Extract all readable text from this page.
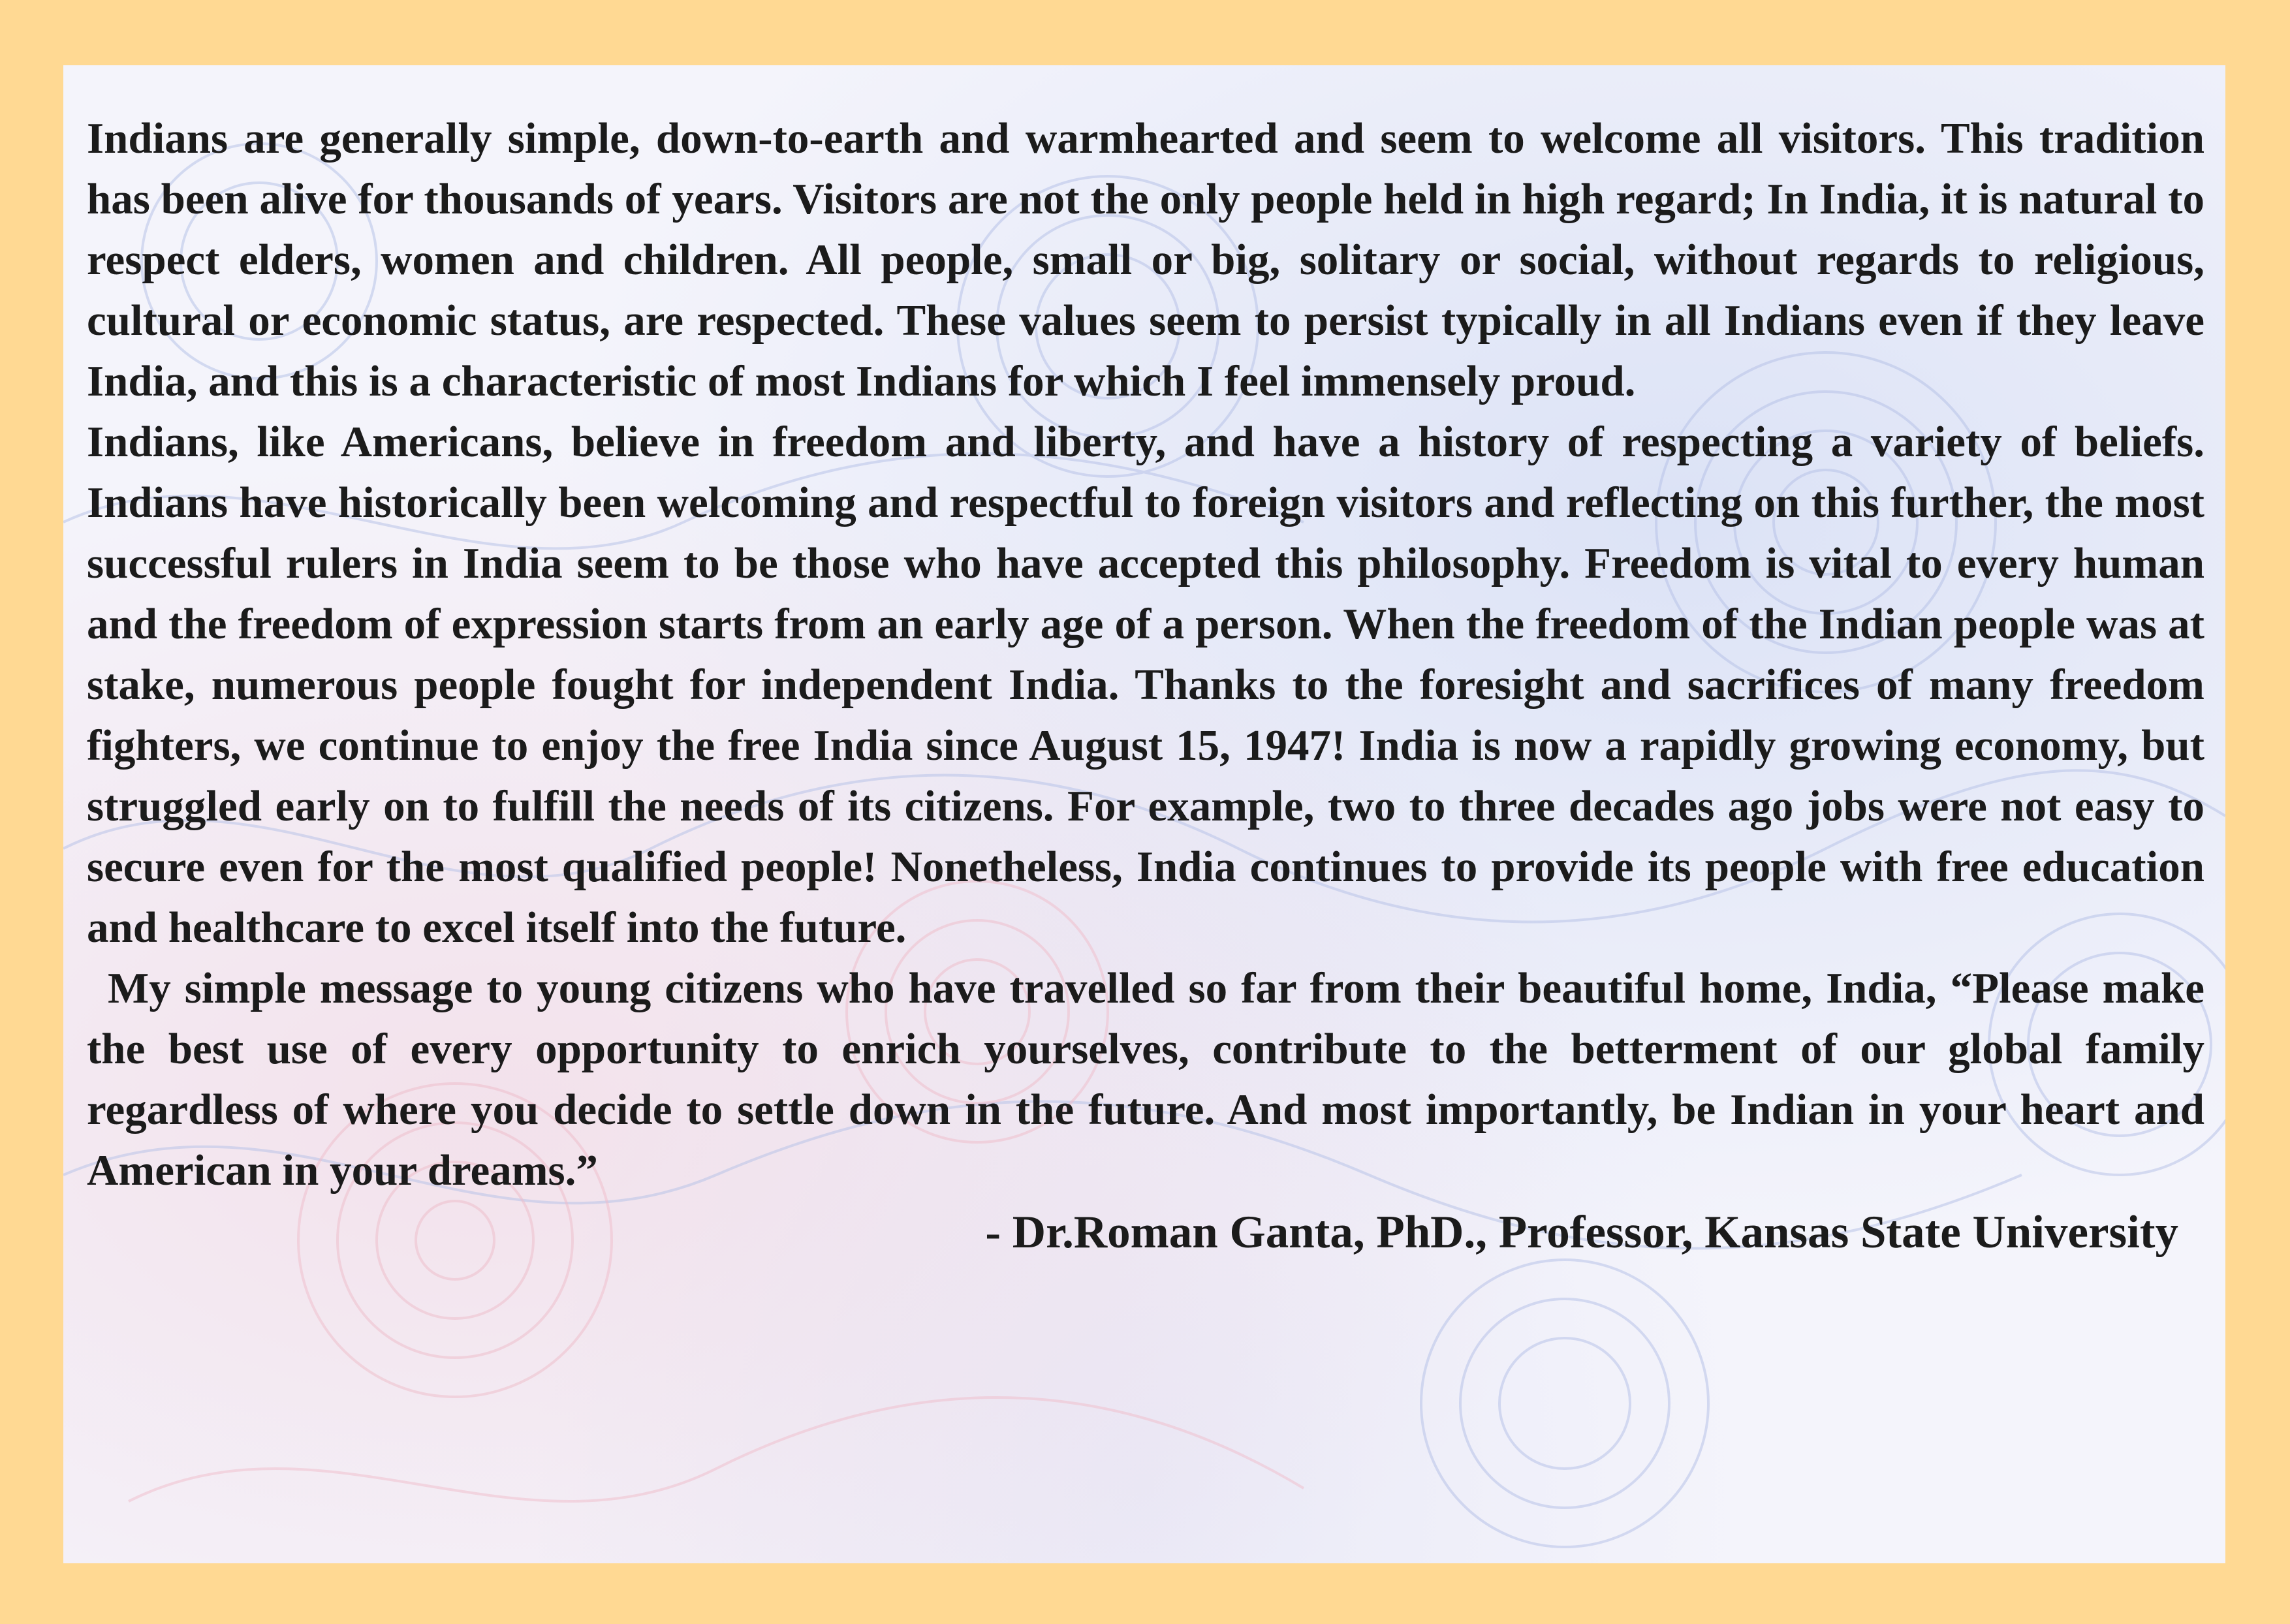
Indians are generally simple, down-to-earth and warmhearted and seem to welcome all visitors. This tradition has been alive for thousands of years. Visitors are not the only people held in high regard; In India, it is natural to respect elders, women and children. All people, small or big, solitary or social, without regards to religious, cultural or economic status, are respected. These values seem to persist typically in all Indians even if they leave India, and this is a characteristic of most Indians for which I feel immensely proud.

Indians, like Americans, believe in freedom and liberty, and have a history of respecting a variety of beliefs. Indians have historically been welcoming and respectful to foreign visitors and reflecting on this further, the most successful rulers in India seem to be those who have accepted this philosophy. Freedom is vital to every human and the freedom of expression starts from an early age of a person. When the freedom of the Indian people was at stake, numerous people fought for independent India. Thanks to the foresight and sacrifices of many freedom fighters, we continue to enjoy the free India since August 15, 1947! India is now a rapidly growing economy, but struggled early on to fulfill the needs of its citizens. For example, two to three decades ago jobs were not easy to secure even for the most qualified people! Nonetheless, India continues to provide its people with free education and healthcare to excel itself into the future.

My simple message to young citizens who have travelled so far from their beautiful home, India, “Please make the best use of every opportunity to enrich yourselves, contribute to the betterment of our global family regardless of where you decide to settle down in the future. And most importantly, be Indian in your heart and American in your dreams.”

- Dr.Roman Ganta, PhD., Professor, Kansas State University
